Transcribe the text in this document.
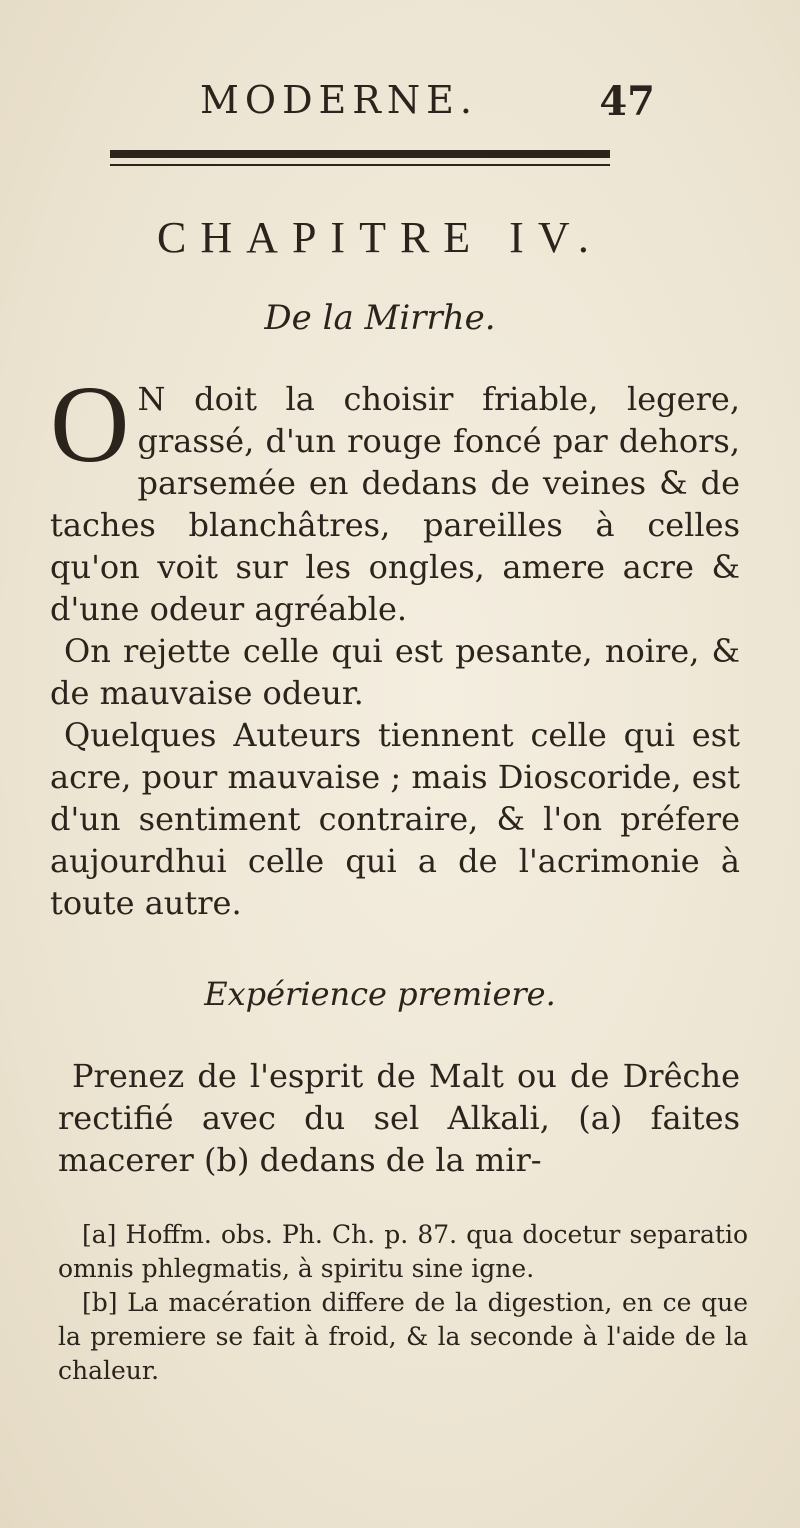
MODERNE.	47
CHAPITRE IV.
De la Mirrhe.
O N doit la choisir friable, legere, grassé, d'un rouge foncé par dehors, parsemée en dedans de veines & de taches blanchâtres, pareilles à celles qu'on voit sur les ongles, amere acre & d'une odeur agréable.

On rejette celle qui est pesante, noire, & de mauvaise odeur.

Quelques Auteurs tiennent celle qui est acre, pour mauvaise ; mais Dioscoride, est d'un sentiment contraire, & l'on préfere aujourdhui celle qui a de l'acrimonie à toute autre.

Expérience premiere.

Prenez de l'esprit de Malt ou de Drêche rectifié avec du sel Alkali, (a) faites macerer (b) dedans de la mir-

[a] Hoffm. obs. Ph. Ch. p. 87. qua docetur separatio omnis phlegmatis, à spiritu sine igne.

[b] La macération differe de la digestion, en ce que la premiere se fait à froid, & la seconde à l'aide de la chaleur.
